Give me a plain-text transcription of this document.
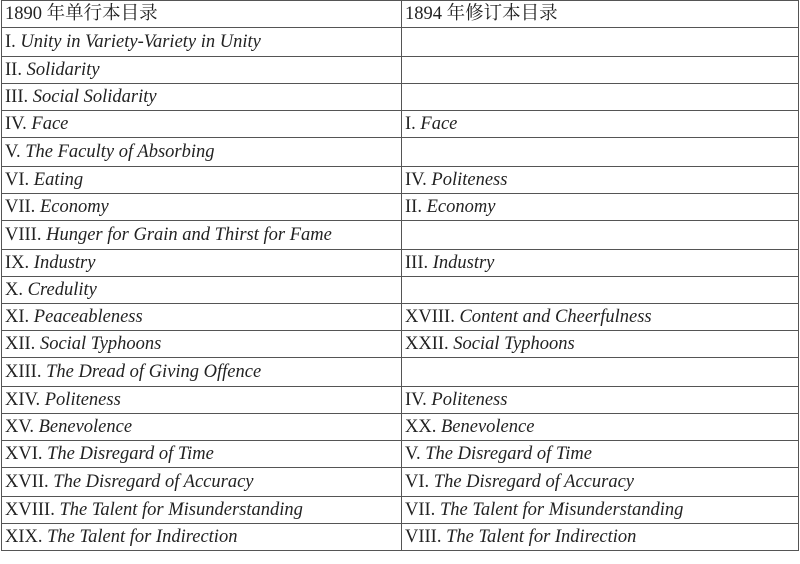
1890 年单行本目录	1894 年修订本目录
I. Unity in Variety-Variety in Unity	
II. Solidarity	
III. Social Solidarity	
IV. Face	I. Face
V. The Faculty of Absorbing	
VI. Eating	IV. Politeness
VII. Economy	II. Economy
VIII. Hunger for Grain and Thirst for Fame	
IX. Industry	III. Industry
X. Credulity	
XI. Peaceableness	XVIII. Content and Cheerfulness
XII. Social Typhoons	XXII. Social Typhoons
XIII. The Dread of Giving Offence	
XIV. Politeness	IV. Politeness
XV. Benevolence	XX. Benevolence
XVI. The Disregard of Time	V. The Disregard of Time
XVII. The Disregard of Accuracy	VI. The Disregard of Accuracy
XVIII. The Talent for Misunderstanding	VII. The Talent for Misunderstanding
XIX. The Talent for Indirection	VIII. The Talent for Indirection
